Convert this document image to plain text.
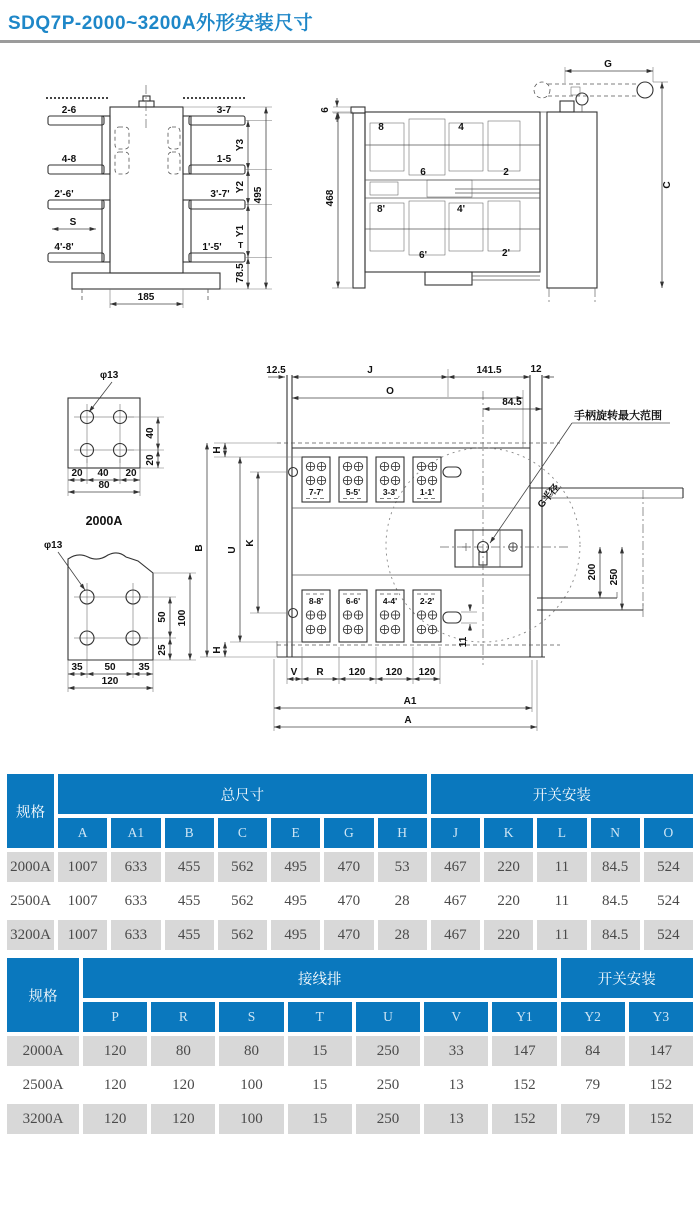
SDQ7P-2000~3200A外形安装尺寸
2-6	3-7
4-8	1-5
2'-6'	3'-7'
4'-8'	1'-5' T
S
Y3
Y2
Y1
78.5
495
185
8	4
6	2
8'	4'
6'	2'
G
C
468
6
φ13
40
20
20 40 20
80
2000A
φ13
50
25
100
35 50 35
120
7-7'	5-5'	3-3'	1-1'
8-8'	6-6'	4-4'	2-2'
12.5	J	141.5	12
O
84.5
H
B U
K
H
200 250
11
手柄旋转最大范围
G半径
V R	120 120 120
A1
A
规格	总尺寸							开关安装				
	A	A1	B	C	E	G	H	J	K	L	N	O
2000A	1007	633	455	562	495	470	53	467	220	11	84.5	524
2500A	1007	633	455	562	495	470	28	467	220	11	84.5	524
3200A	1007	633	455	562	495	470	28	467	220	11	84.5	524
规格	接线排							开关安装	
	P	R	S	T	U	V	Y1	Y2	Y3
2000A	120	80	80	15	250	33	147	84	147
2500A	120	120	100	15	250	13	152	79	152
3200A	120	120	100	15	250	13	152	79	152
